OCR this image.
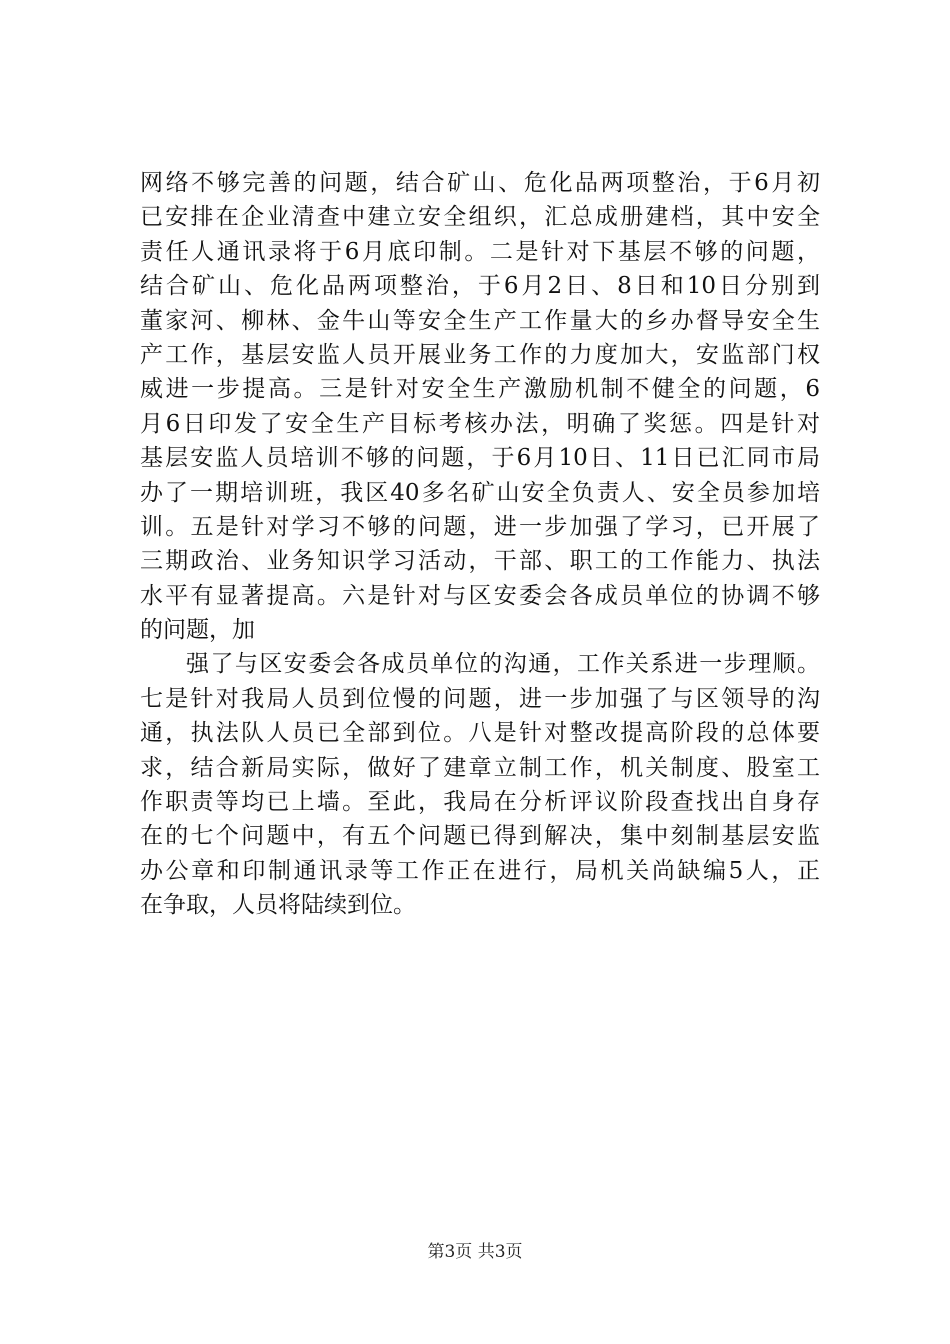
网络不够完善的问题，结合矿山、危化品两项整治，于6月初
已安排在企业清查中建立安全组织，汇总成册建档，其中安全
责任人通讯录将于6月底印制。二是针对下基层不够的问题，
结合矿山、危化品两项整治，于6月2日、8日和10日分别到
董家河、柳林、金牛山等安全生产工作量大的乡办督导安全生
产工作，基层安监人员开展业务工作的力度加大，安监部门权
威进一步提高。三是针对安全生产激励机制不健全的问题，6
月6日印发了安全生产目标考核办法，明确了奖惩。四是针对
基层安监人员培训不够的问题，于6月10日、11日已汇同市局
办了一期培训班，我区40多名矿山安全负责人、安全员参加培
训。五是针对学习不够的问题，进一步加强了学习，已开展了
三期政治、业务知识学习活动，干部、职工的工作能力、执法
水平有显著提高。六是针对与区安委会各成员单位的协调不够
的问题，加
强了与区安委会各成员单位的沟通，工作关系进一步理顺。
七是针对我局人员到位慢的问题，进一步加强了与区领导的沟
通，执法队人员已全部到位。八是针对整改提高阶段的总体要
求，结合新局实际，做好了建章立制工作，机关制度、股室工
作职责等均已上墙。至此，我局在分析评议阶段查找出自身存
在的七个问题中，有五个问题已得到解决，集中刻制基层安监
办公章和印制通讯录等工作正在进行，局机关尚缺编5人，正
在争取，人员将陆续到位。
第3页 共3页
